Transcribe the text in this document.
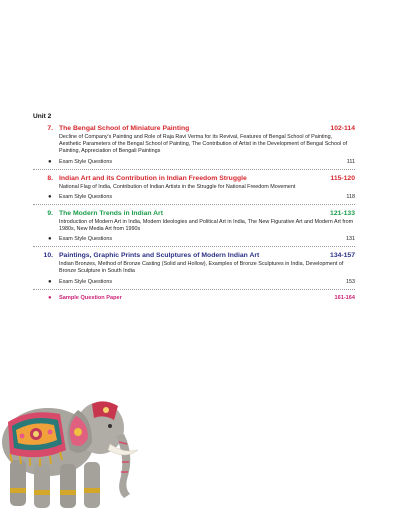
Unit 2
7. The Bengal School of Miniature Painting	102-114
Decline of Company's Painting and Role of Raja Ravi Verma for its Revival, Features of Bengal School of Painting, Aesthetic Parameters of the Bengal School of Painting, The Contribution of Artist in the Development of Bengal School of Painting, Appreciation of Bengali Paintings
●	Exam Style Questions	111
8. Indian Art and its Contribution in Indian Freedom Struggle	115-120
National Flag of India, Contribution of Indian Artists in the Struggle for National Freedom Movement
●	Exam Style Questions	118
9. The Modern Trends in Indian Art	121-133
Introduction of Modern Art in India, Modern Ideologies and Political Art in India, The New Figurative Art and Modern Art from 1980s, New Media Art from 1990s
●	Exam Style Questions	131
10. Paintings, Graphic Prints and Sculptures of Modern Indian Art	134-157
Indian Bronzes, Method of Bronze Casting (Solid and Hollow), Examples of Bronze Sculptures in India, Development of Bronze Sculpture in South India
●	Exam Style Questions	153
●	Sample Question Paper	161-164
